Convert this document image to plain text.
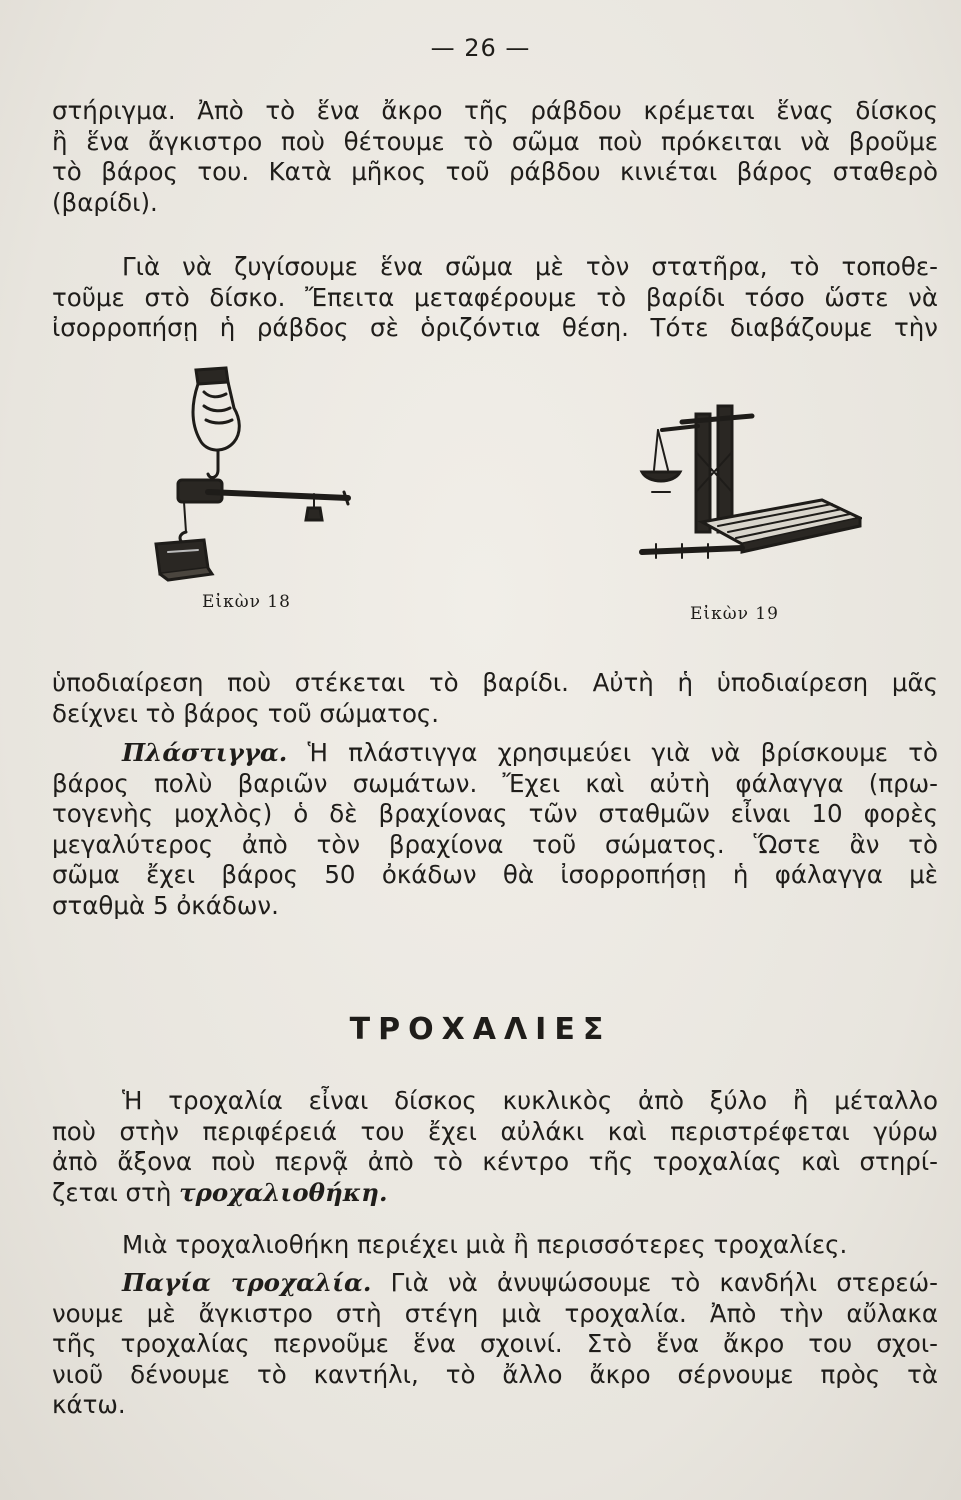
— 26 —

στήριγμα. Ἀπὸ τὸ ἕνα ἄκρο τῆς ράβδου κρέμεται ἕνας δίσκος
ἢ ἕνα ἄγκιστρο ποὺ θέτουμε τὸ σῶμα ποὺ πρόκειται νὰ βροῦμε
τὸ βάρος του. Κατὰ μῆκος τοῦ ράβδου κινιέται βάρος σταθερὸ
(βαρίδι).

Γιὰ νὰ ζυγίσουμε ἕνα σῶμα μὲ τὸν στατῆρα, τὸ τοποθε-
τοῦμε στὸ δίσκο. Ἔπειτα μεταφέρουμε τὸ βαρίδι τόσο ὥστε νὰ
ἰσορροπήσῃ ἡ ράβδος σὲ ὁριζόντια θέση. Τότε διαβάζουμε τὴν

Εἰκὼν 18
Εἰκὼν 19

ὑποδιαίρεση ποὺ στέκεται τὸ βαρίδι. Αὐτὴ ἡ ὑποδιαίρεση μᾶς
δείχνει τὸ βάρος τοῦ σώματος.

Πλάστιγγα. Ἡ πλάστιγγα χρησιμεύει γιὰ νὰ βρίσκουμε τὸ
βάρος πολὺ βαριῶν σωμάτων. Ἔχει καὶ αὐτὴ φάλαγγα (πρω-
τογενὴς μοχλὸς) ὁ δὲ βραχίονας τῶν σταθμῶν εἶναι 10 φορὲς
μεγαλύτερος ἀπὸ τὸν βραχίονα τοῦ σώματος. Ὥστε ἂν τὸ
σῶμα ἔχει βάρος 50 ὀκάδων θὰ ἰσορροπήσῃ ἡ φάλαγγα μὲ
σταθμὰ 5 ὀκάδων.

ΤΡΟΧΑΛΙΕΣ

Ἡ τροχαλία εἶναι δίσκος κυκλικὸς ἀπὸ ξύλο ἢ μέταλλο
ποὺ στὴν περιφέρειά του ἔχει αὐλάκι καὶ περιστρέφεται γύρω
ἀπὸ ἄξονα ποὺ περνᾷ ἀπὸ τὸ κέντρο τῆς τροχαλίας καὶ στηρί-
ζεται στὴ τροχαλιοθήκη.

Μιὰ τροχαλιοθήκη περιέχει μιὰ ἢ περισσότερες τροχαλίες.

Παγία τροχαλία. Γιὰ νὰ ἀνυψώσουμε τὸ κανδήλι στερεώ-
νουμε μὲ ἄγκιστρο στὴ στέγη μιὰ τροχαλία. Ἀπὸ τὴν αὔλακα
τῆς τροχαλίας περνοῦμε ἕνα σχοινί. Στὸ ἕνα ἄκρο του σχοι-
νιοῦ δένουμε τὸ καντήλι, τὸ ἄλλο ἄκρο σέρνουμε πρὸς τὰ
κάτω.
